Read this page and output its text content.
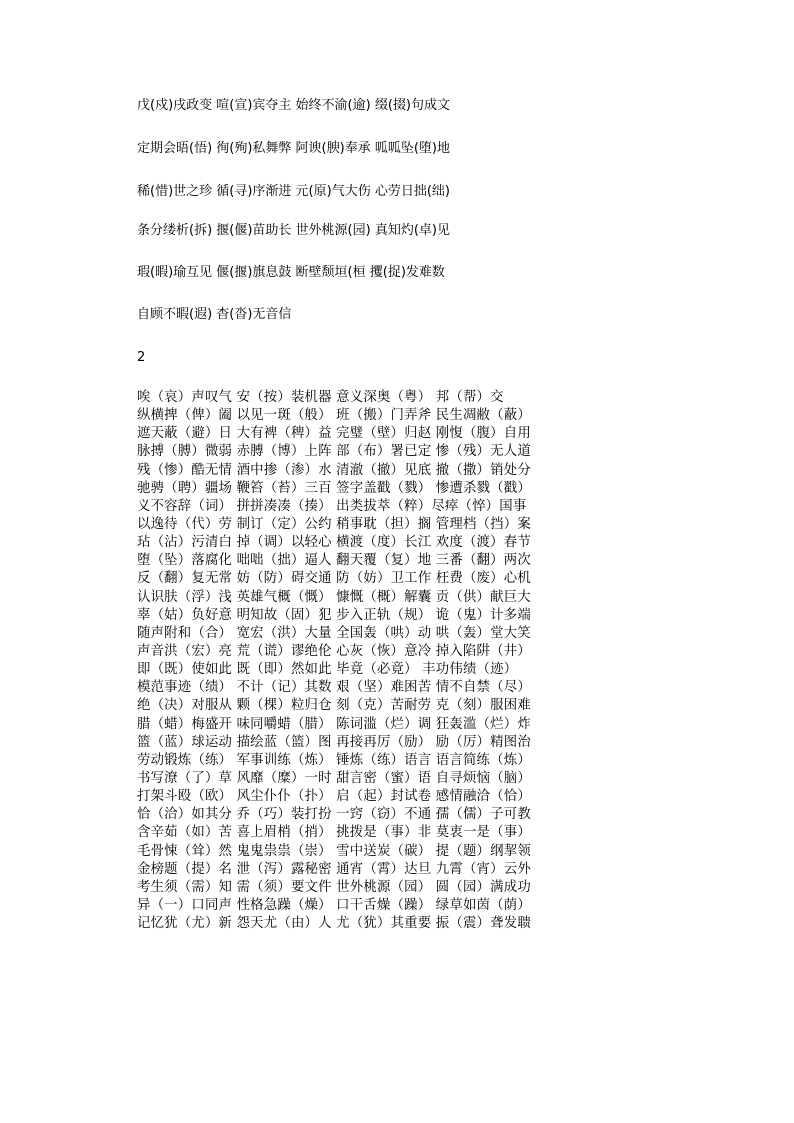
戊(戍)戌政变 喧(宣)宾夺主 始终不渝(逾) 缀(掇)句成文
定期会晤(悟) 徇(殉)私舞弊 阿谀(腴)奉承 呱呱坠(堕)地
稀(惜)世之珍 循(寻)序渐进 元(原)气大伤 心劳日拙(绌)
条分缕析(拆) 揠(偃)苗助长 世外桃源(园) 真知灼(卓)见
瑕(暇)瑜互见 偃(揠)旗息鼓 断壁颓垣(桓 攫(捉)发难数
自顾不暇(遐) 杳(沓)无音信
2
唉（哀）声叹气 安（按）装机器 意义深奥（粤） 邦（帮）交
纵横捭（俾）阖 以见一斑（般） 班（搬）门弄斧 民生凋敝（蔽）
遮天蔽（避）日 大有裨（稗）益 完璧（壁）归赵 刚愎（腹）自用
脉搏（膊）微弱 赤膊（博）上阵 部（布）署已定 惨（残）无人道
残（惨）酷无情 酒中掺（渗）水 清澈（撤）见底 撤（撒）销处分
驰骋（聘）疆场 鞭笞（苔）三百 签字盖戳（戮） 惨遭杀戮（戳）
义不容辞（词） 拼拼凑凑（揍） 出类拔萃（粹）尽瘁（悴）国事
以逸待（代）劳 制订（定）公约 稍事耽（担）搁 管理档（挡）案
玷（沾）污清白 掉（调）以轻心 横渡（度）长江 欢度（渡）春节
堕（坠）落腐化 咄咄（拙）逼人 翻天覆（复）地 三番（翻）两次
反（翻）复无常 妨（防）碍交通 防（妨）卫工作 枉费（废）心机
认识肤（浮）浅 英雄气概（慨） 慷慨（概）解囊 贡（供）献巨大
辜（姑）负好意 明知故（固）犯 步入正轨（规） 诡（鬼）计多端
随声附和（合） 宽宏（洪）大量 全国轰（哄）动 哄（轰）堂大笑
声音洪（宏）亮 荒（谎）谬绝伦 心灰（恢）意冷 掉入陷阱（井）
即（既）使如此 既（即）然如此 毕竟（必竟） 丰功伟绩（迹）
模范事迹（绩） 不计（记）其数 艰（坚）难困苦 情不自禁（尽）
绝（决）对服从 颗（棵）粒归仓 刻（克）苦耐劳 克（刻）服困难
腊（蜡）梅盛开 味同嚼蜡（腊） 陈词滥（烂）调 狂轰滥（烂）炸
篮（蓝）球运动 描绘蓝（篮）图 再接再厉（励） 励（厉）精图治
劳动锻炼（练） 军事训练（炼） 锤炼（练）语言 语言简练（炼）
书写潦（了）草 风靡（糜）一时 甜言密（蜜）语 自寻烦恼（脑）
打架斗殴（欧） 风尘仆仆（扑） 启（起）封试卷 感情融洽（恰）
恰（洽）如其分 乔（巧）装打扮 一窍（窃）不通 孺（儒）子可教
含辛茹（如）苦 喜上眉梢（捎） 挑拨是（事）非 莫衷一是（事）
毛骨悚（耸）然 鬼鬼祟祟（崇） 雪中送炭（碳） 提（题）纲挈领
金榜题（提）名 泄（泻）露秘密 通宵（霄）达旦 九霄（宵）云外
考生须（需）知 需（须）要文件 世外桃源（园） 圆（园）满成功
异（一）口同声 性格急躁（燥） 口干舌燥（躁） 绿草如茵（荫）
记忆犹（尤）新 怨天尤（由）人 尤（犹）其重要 振（震）聋发聩
